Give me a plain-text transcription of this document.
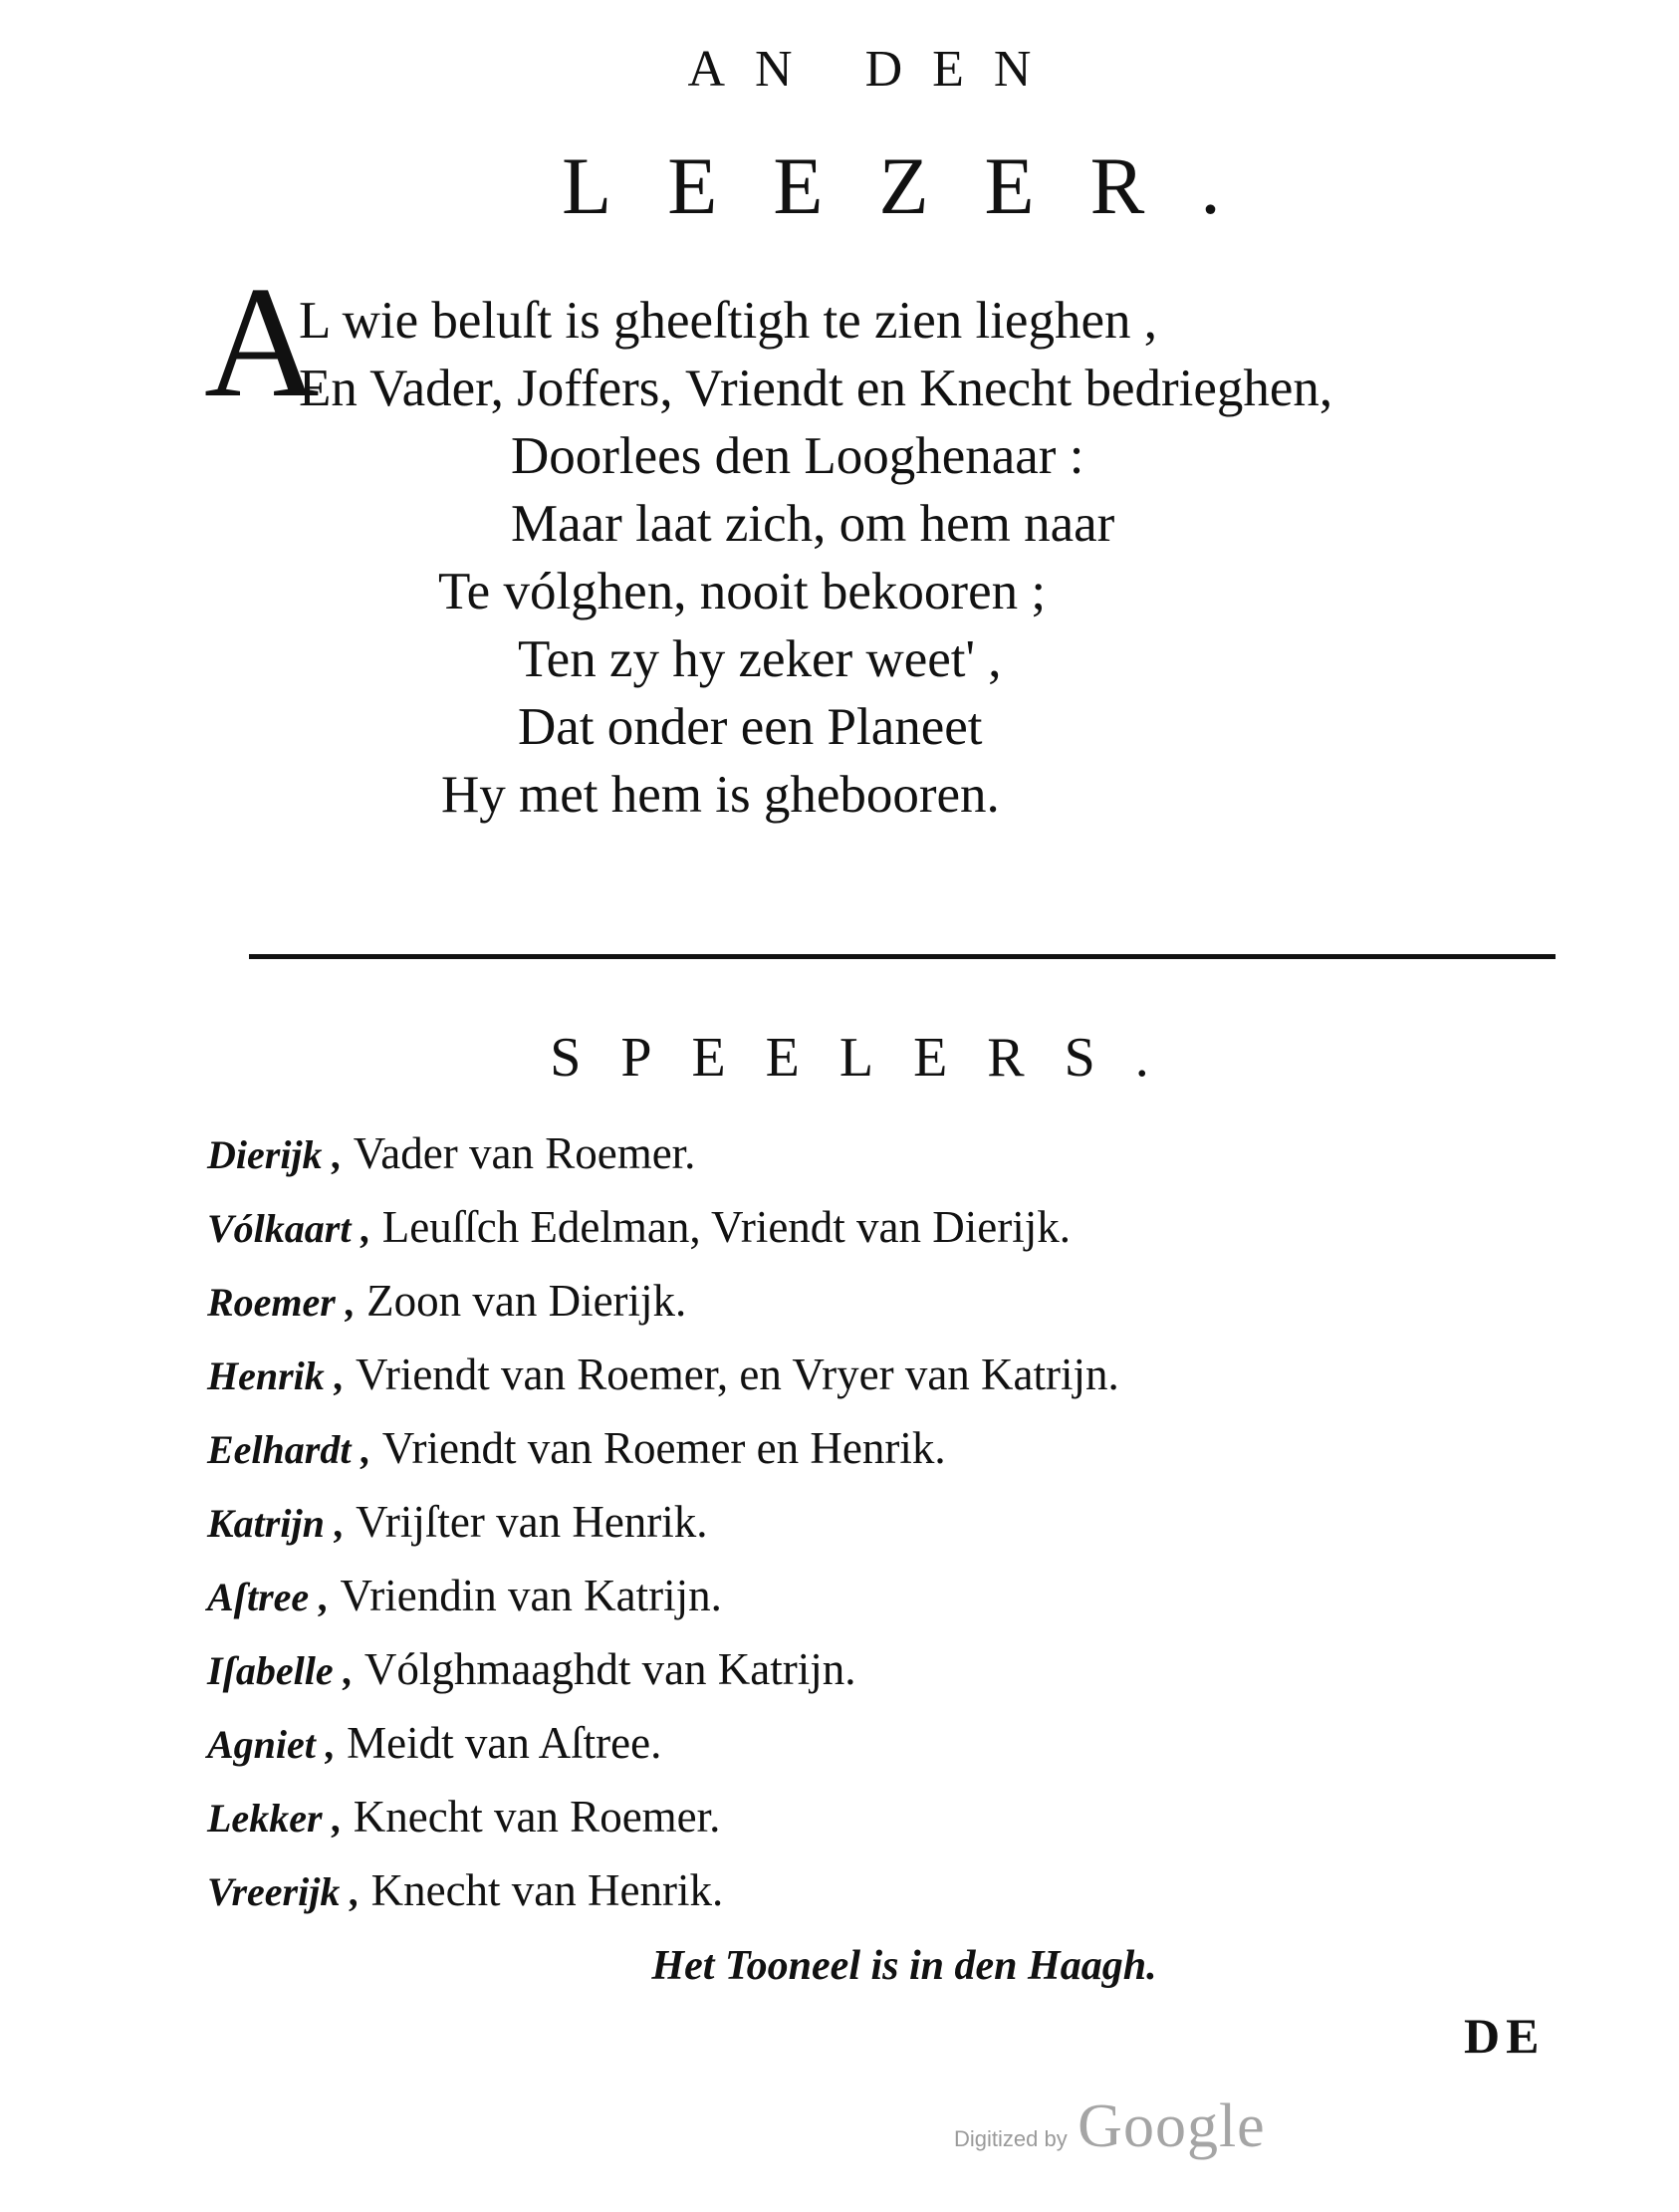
AN DEN
LEEZER.
A
L wie beluſt is gheeſtigh te zien lieghen ,
En Vader, Joffers, Vriendt en Knecht bedrieghen,
Doorlees den Looghenaar :
Maar laat zich, om hem naar
Te vólghen, nooit bekooren ;
Ten zy hy zeker weet' ,
Dat onder een Planeet
Hy met hem is ghebooren.
SPEELERS.
Dierijk , Vader van Roemer.
Vólkaart , Leuſſch Edelman, Vriendt van Dierijk.
Roemer , Zoon van Dierijk.
Henrik , Vriendt van Roemer, en Vryer van Katrijn.
Eelhardt , Vriendt van Roemer en Henrik.
Katrijn , Vrijſter van Henrik.
Aſtree , Vriendin van Katrijn.
Iſabelle , Vólghmaaghdt van Katrijn.
Agniet , Meidt van Aſtree.
Lekker , Knecht van Roemer.
Vreerijk , Knecht van Henrik.
Het Tooneel is in den Haagh.
DE
Digitized by Google
